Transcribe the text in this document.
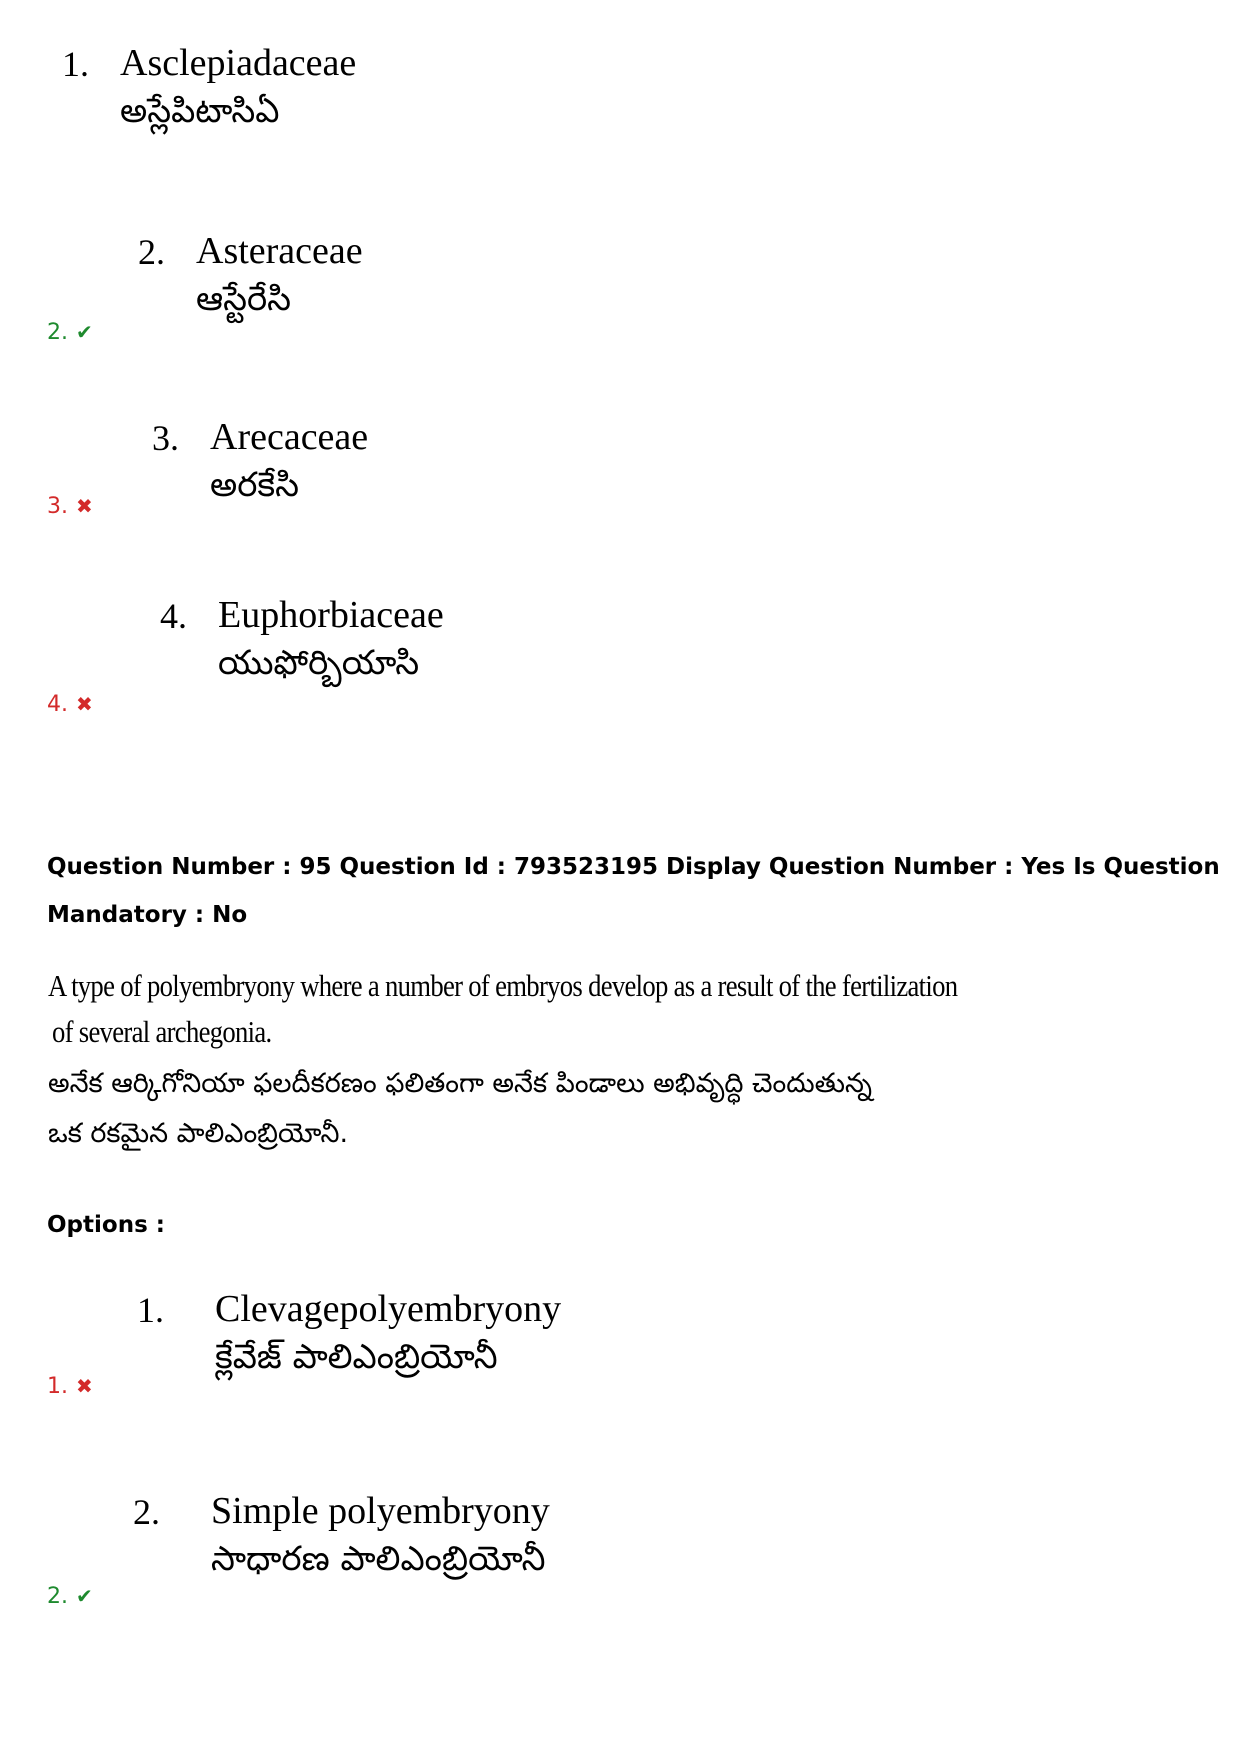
1. Asclepiadaceae
అస్లేపిటాసిఏ
2. Asteraceae
ఆస్టేరేసి
2. ✔
3. Arecaceae
అరకేసి
3. ✖
4. Euphorbiaceae
యుఫోర్బియాసి
4. ✖
Question Number : 95 Question Id : 793523195 Display Question Number : Yes Is Question
Mandatory : No
A type of polyembryony where a number of embryos develop as a result of the fertilization
of several archegonia.
అనేక ఆర్కిగోనియా ఫలదీకరణం ఫలితంగా అనేక పిండాలు అభివృద్ధి చెందుతున్న
ఒక రకమైన పాలిఎంబ్రియోనీ.
Options :
1. Clevagepolyembryony
క్లేవేజ్ పాలిఎంబ్రియోనీ
1. ✖
2. Simple polyembryony
సాధారణ పాలిఎంబ్రియోనీ
2. ✔
